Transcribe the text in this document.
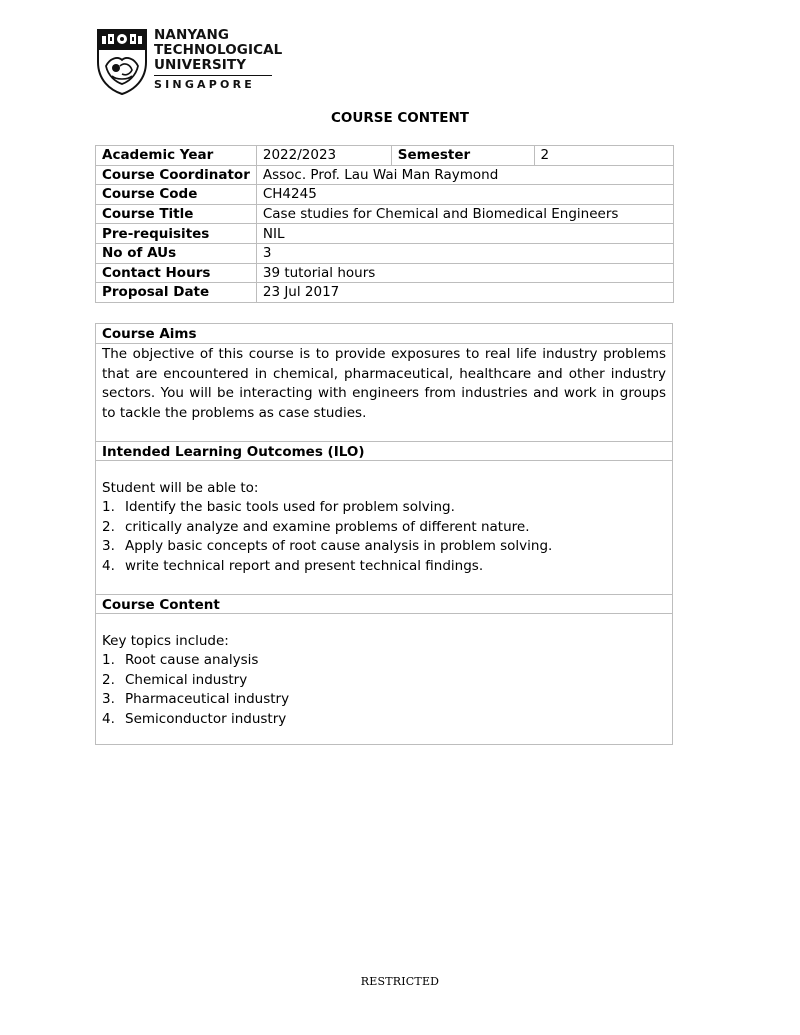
NANYANG
TECHNOLOGICAL
UNIVERSITY
SINGAPORE
COURSE CONTENT
Academic Year	2022/2023	Semester	2
Course Coordinator	Assoc. Prof. Lau Wai Man Raymond		
Course Code	CH4245		
Course Title	Case studies for Chemical and Biomedical Engineers		
Pre-requisites	NIL		
No of AUs	3		
Contact Hours	39 tutorial hours		
Proposal Date	23 Jul 2017		
Course Aims
The objective of this course is to provide exposures to real life industry problems that are encountered in chemical, pharmaceutical, healthcare and other industry sectors. You will be interacting with engineers from industries and work in groups to tackle the problems as case studies.
Intended Learning Outcomes (ILO)
Student will be able to:
1. Identify the basic tools used for problem solving.
2. critically analyze and examine problems of different nature.
3. Apply basic concepts of root cause analysis in problem solving.
4. write technical report and present technical findings.
Course Content
Key topics include:
1. Root cause analysis
2. Chemical industry
3. Pharmaceutical industry
4. Semiconductor industry
RESTRICTED
